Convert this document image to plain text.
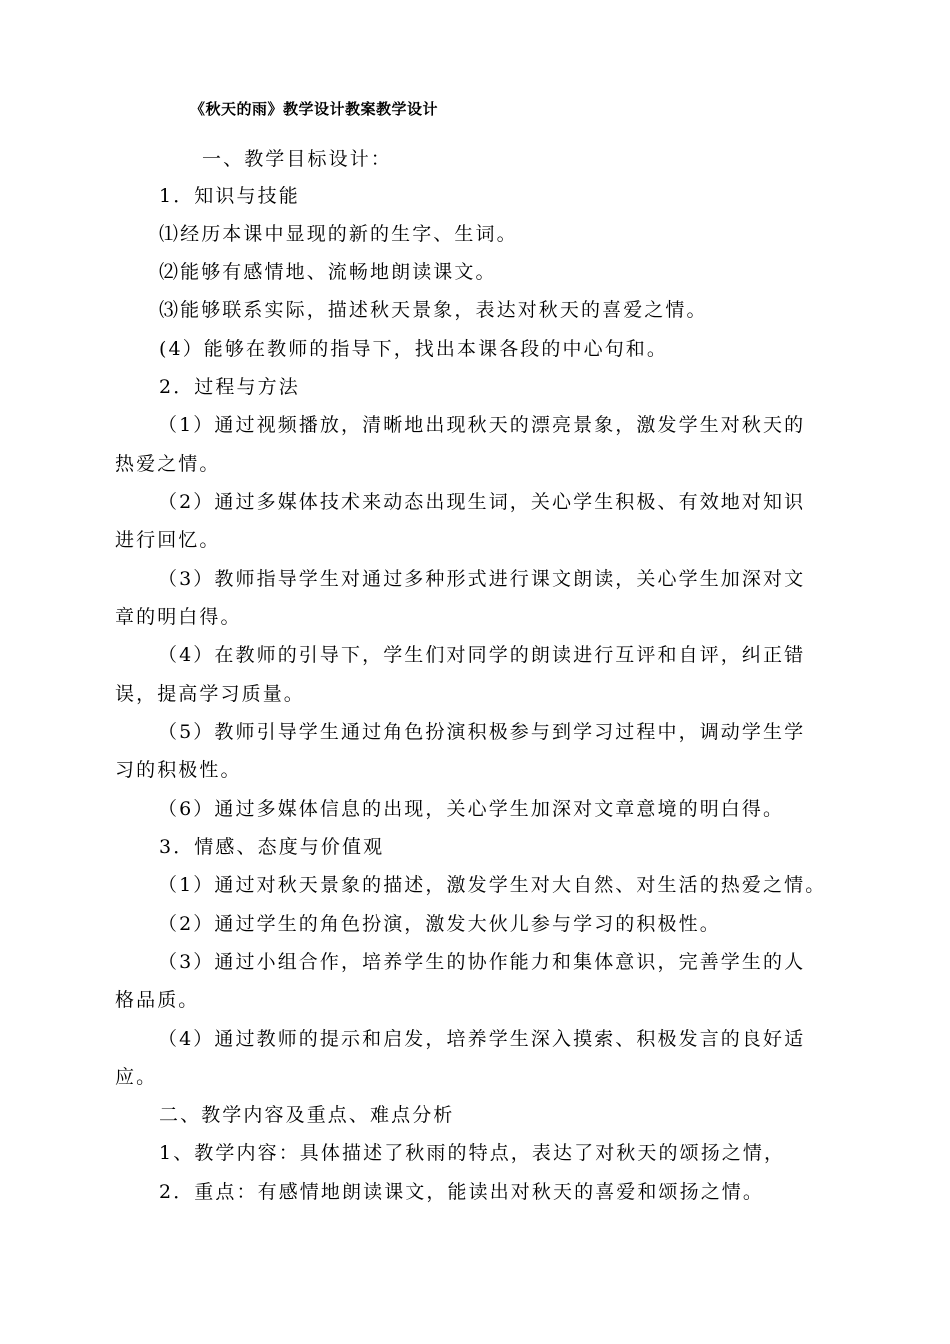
《秋天的雨》教学设计教案教学设计
一、教学目标设计：
1．知识与技能
⑴经历本课中显现的新的生字、生词。
⑵能够有感情地、流畅地朗读课文。
⑶能够联系实际，描述秋天景象，表达对秋天的喜爱之情。
(4）能够在教师的指导下，找出本课各段的中心句和。
2．过程与方法
（1）通过视频播放，清晰地出现秋天的漂亮景象，激发学生对秋天的
热爱之情。
（2）通过多媒体技术来动态出现生词，关心学生积极、有效地对知识
进行回忆。
（3）教师指导学生对通过多种形式进行课文朗读，关心学生加深对文
章的明白得。
（4）在教师的引导下，学生们对同学的朗读进行互评和自评，纠正错
误，提高学习质量。
（5）教师引导学生通过角色扮演积极参与到学习过程中，调动学生学
习的积极性。
（6）通过多媒体信息的出现，关心学生加深对文章意境的明白得。
3．情感、态度与价值观
（1）通过对秋天景象的描述，激发学生对大自然、对生活的热爱之情。
（2）通过学生的角色扮演，激发大伙儿参与学习的积极性。
（3）通过小组合作，培养学生的协作能力和集体意识，完善学生的人
格品质。
（4）通过教师的提示和启发，培养学生深入摸索、积极发言的良好适
应。
二、教学内容及重点、难点分析
1、教学内容：具体描述了秋雨的特点，表达了对秋天的颂扬之情，
2．重点：有感情地朗读课文，能读出对秋天的喜爱和颂扬之情。
